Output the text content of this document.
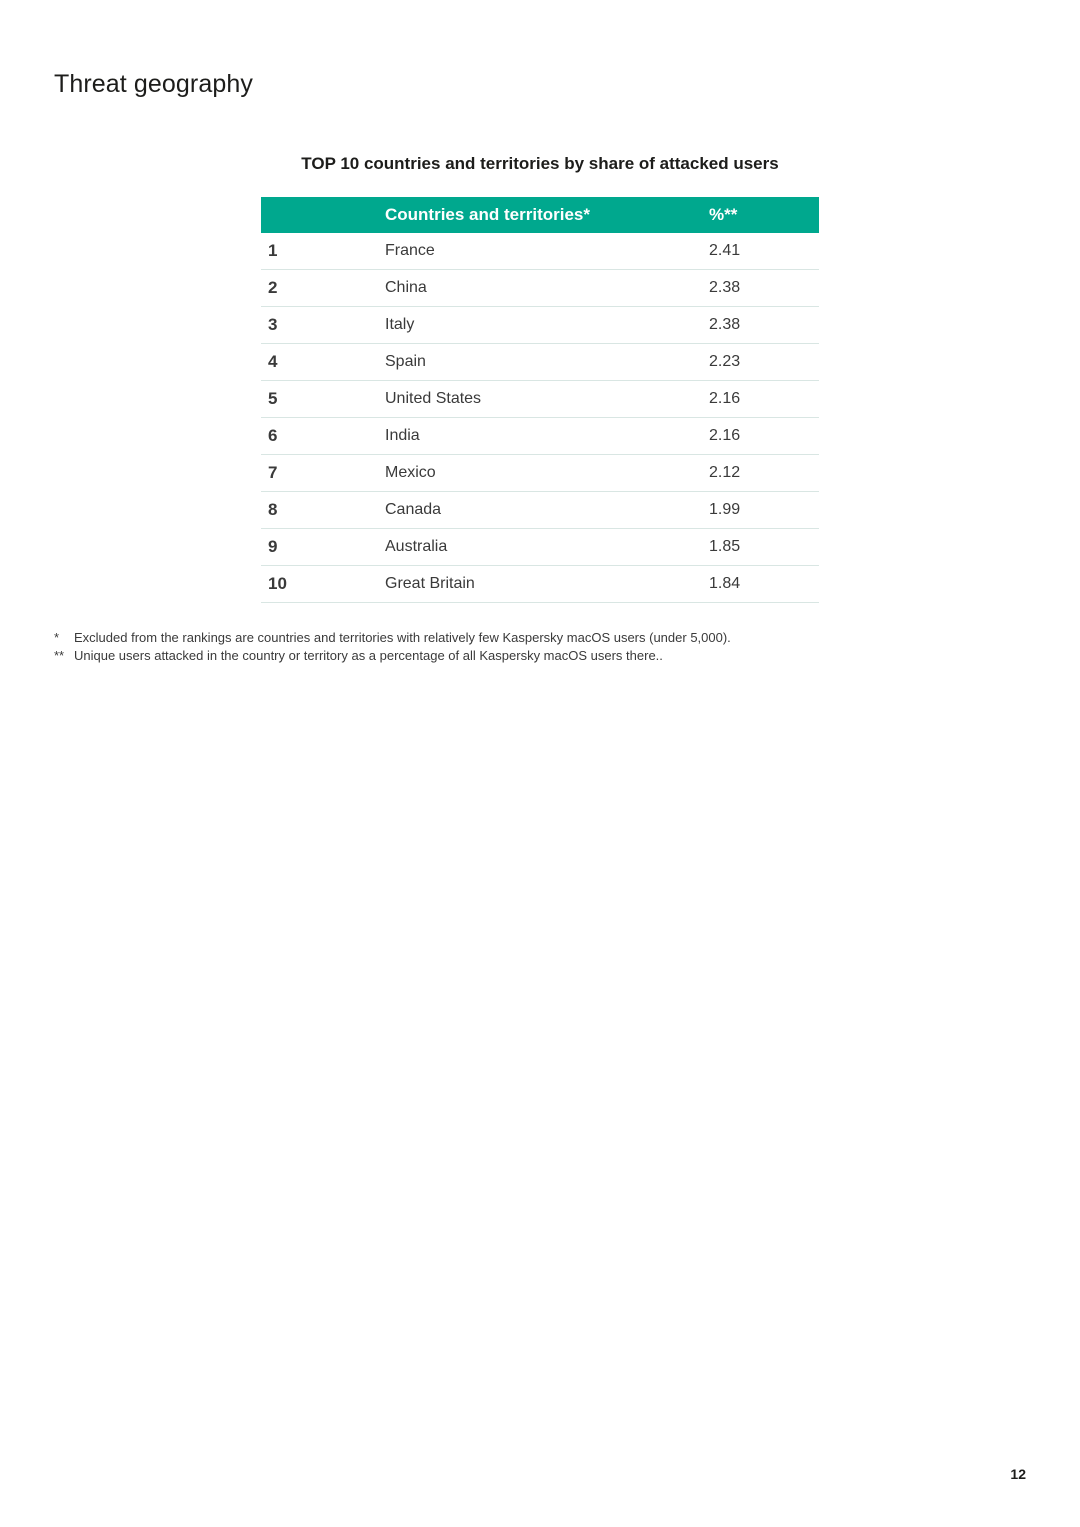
Threat geography
TOP 10 countries and territories by share of attacked users
	Countries and territories*	%**
1	France	2.41
2	China	2.38
3	Italy	2.38
4	Spain	2.23
5	United States	2.16
6	India	2.16
7	Mexico	2.12
8	Canada	1.99
9	Australia	1.85
10	Great Britain	1.84
*	Excluded from the rankings are countries and territories with relatively few Kaspersky macOS users (under 5,000).
** Unique users attacked in the country or territory as a percentage of all Kaspersky macOS users there..
12
